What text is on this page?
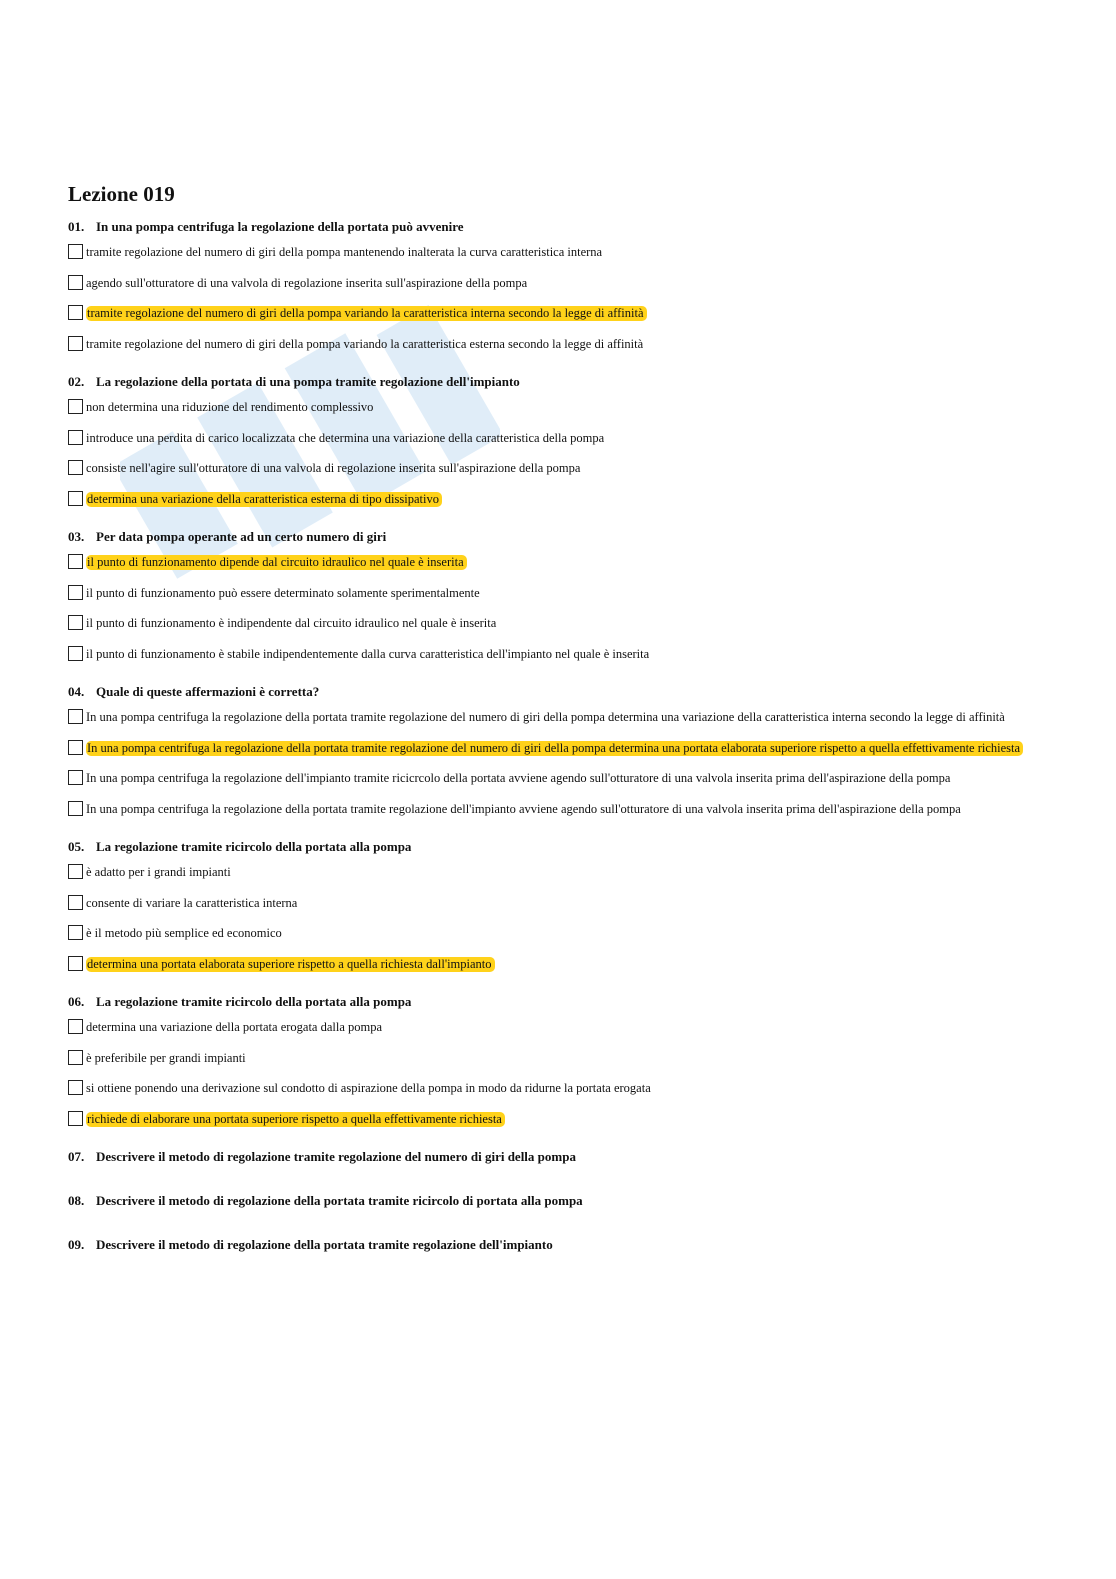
Lezione 019
01. In una pompa centrifuga la regolazione della portata può avvenire
tramite regolazione del numero di giri della pompa mantenendo inalterata la curva caratteristica interna
agendo sull'otturatore di una valvola di regolazione inserita sull'aspirazione della pompa
tramite regolazione del numero di giri della pompa variando la caratteristica interna secondo la legge di affinità
tramite regolazione del numero di giri della pompa variando la caratteristica esterna secondo la legge di affinità
02. La regolazione della portata di una pompa tramite regolazione dell'impianto
non determina una riduzione del rendimento complessivo
introduce una perdita di carico localizzata che determina una variazione della caratteristica della pompa
consiste nell'agire sull'otturatore di una valvola di regolazione inserita sull'aspirazione della pompa
determina una variazione della caratteristica esterna di tipo dissipativo
03. Per data pompa operante ad un certo numero di giri
il punto di funzionamento dipende dal circuito idraulico nel quale è inserita
il punto di funzionamento può essere determinato solamente sperimentalmente
il punto di funzionamento è indipendente dal circuito idraulico nel quale è inserita
il punto di funzionamento è stabile indipendentemente dalla curva caratteristica dell'impianto nel quale è inserita
04. Quale di queste affermazioni è corretta?
In una pompa centrifuga la regolazione della portata tramite regolazione del numero di giri della pompa determina una variazione della caratteristica interna secondo la legge di affinità
In una pompa centrifuga la regolazione della portata tramite regolazione del numero di giri della pompa determina una portata elaborata superiore rispetto a quella effettivamente richiesta
In una pompa centrifuga la regolazione dell'impianto tramite ricicrcolo della portata avviene agendo sull'otturatore di una valvola inserita prima dell'aspirazione della pompa
In una pompa centrifuga la regolazione della portata tramite regolazione dell'impianto avviene agendo sull'otturatore di una valvola inserita prima dell'aspirazione della pompa
05. La regolazione tramite ricircolo della portata alla pompa
è adatto per i grandi impianti
consente di variare la caratteristica interna
è il metodo più semplice ed economico
determina una portata elaborata superiore rispetto a quella richiesta dall'impianto
06. La regolazione tramite ricircolo della portata alla pompa
determina una variazione della portata erogata dalla pompa
è preferibile per grandi impianti
si ottiene ponendo una derivazione sul condotto di aspirazione della pompa in modo da ridurne la portata erogata
richiede di elaborare una portata superiore rispetto a quella effettivamente richiesta
07. Descrivere il metodo di regolazione tramite regolazione del numero di giri della pompa
08. Descrivere il metodo di regolazione della portata tramite ricircolo di portata alla pompa
09. Descrivere il metodo di regolazione della portata tramite regolazione dell'impianto
